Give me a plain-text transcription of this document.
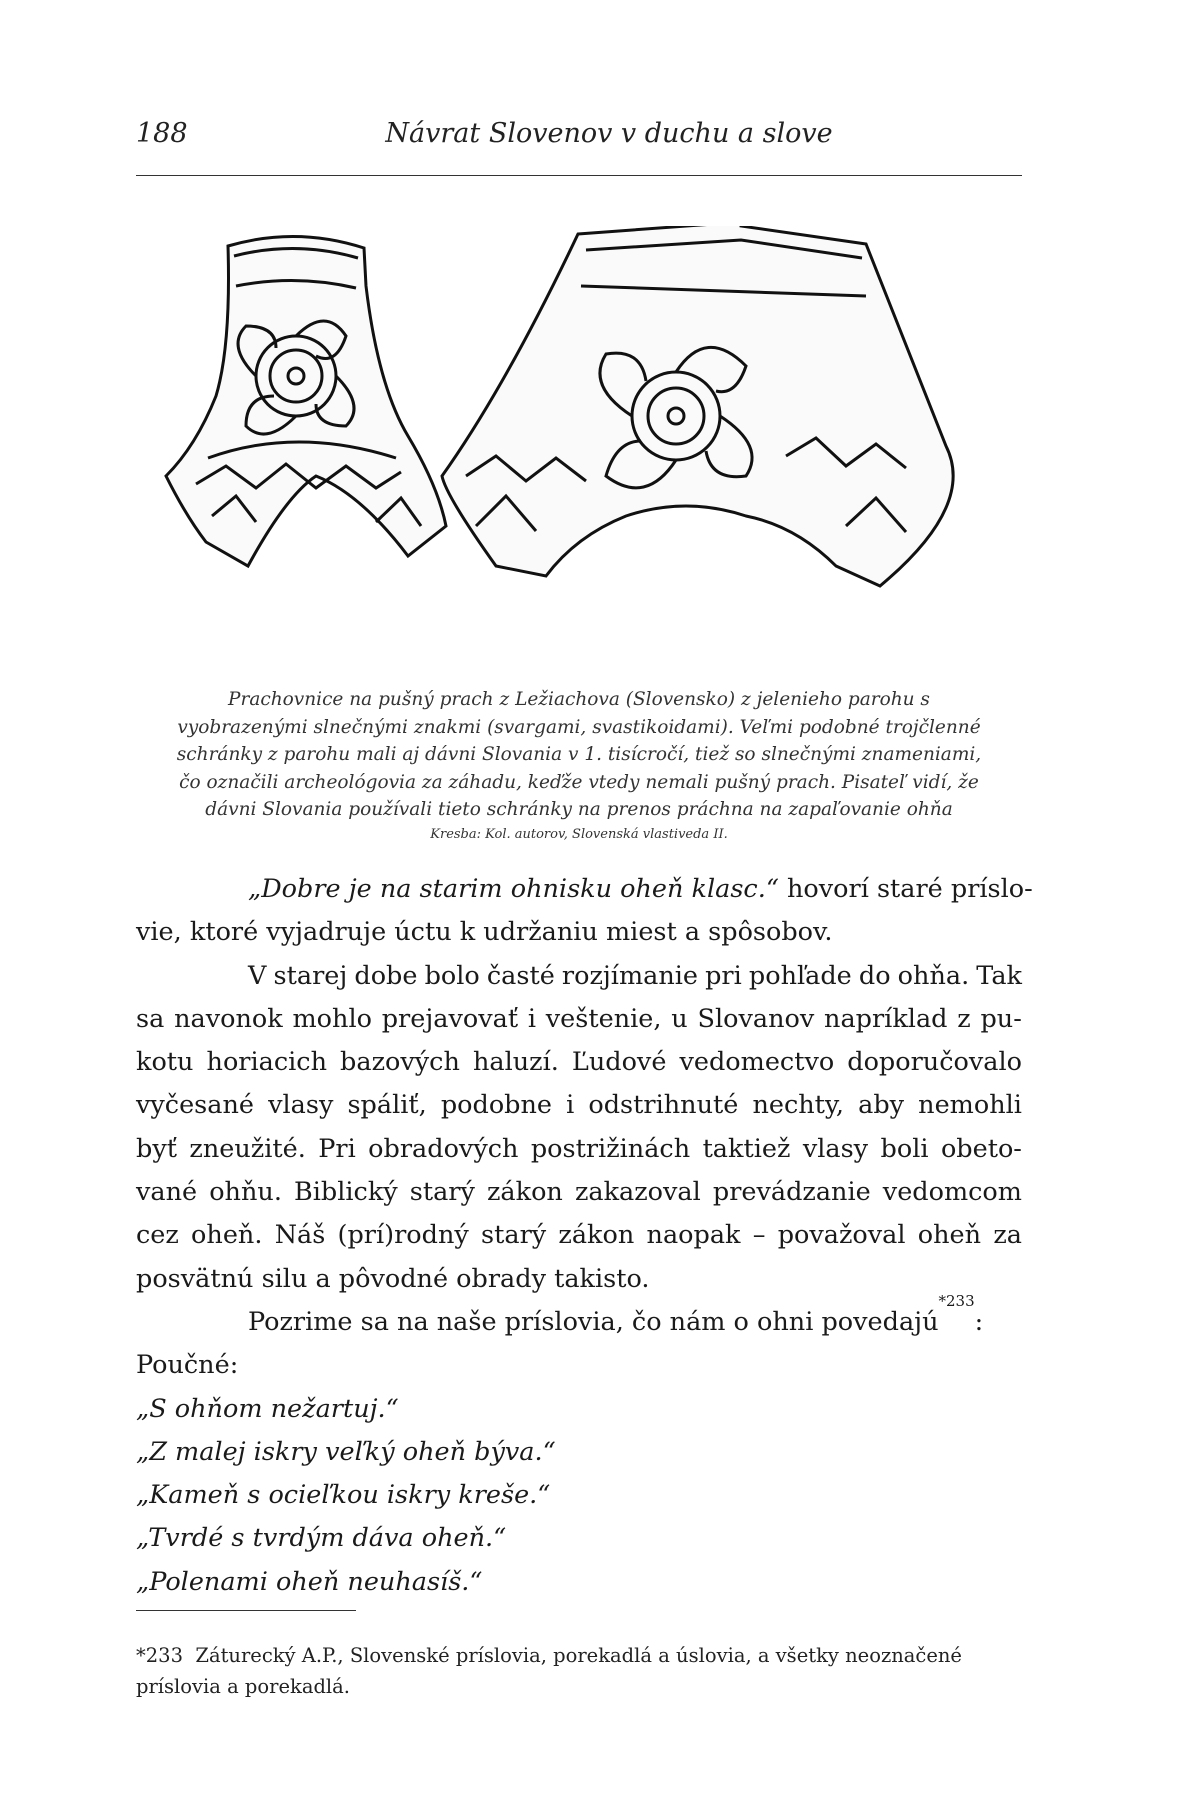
188	Návrat Slovenov v duchu a slove
Prachovnice na pušný prach z Ležiachova (Slovensko) z jelenieho parohu s
vyobrazenými slnečnými znakmi (svargami, svastikoidami). Veľmi podobné trojčlenné
schránky z parohu mali aj dávni Slovania v 1. tisícročí, tiež so slnečnými znameniami,
čo označili archeológovia za záhadu, keďže vtedy nemali pušný prach. Pisateľ vidí, že
dávni Slovania používali tieto schránky na prenos práchna na zapaľovanie ohňa
Kresba: Kol. autorov, Slovenská vlastiveda II.
„Dobre je na starim ohnisku oheň klasc.“ hovorí staré príslo-
vie, ktoré vyjadruje úctu k udržaniu miest a spôsobov.
V starej dobe bolo časté rozjímanie pri pohľade do ohňa. Tak
sa navonok mohlo prejavovať i veštenie, u Slovanov napríklad z pu-
kotu horiacich bazových haluzí. Ľudové vedomectvo doporučovalo
vyčesané vlasy spáliť, podobne i odstrihnuté nechty, aby nemohli
byť zneužité. Pri obradových postrižinách taktiež vlasy boli obeto-
vané ohňu. Biblický starý zákon zakazoval prevádzanie vedomcom
cez oheň. Náš (prí)rodný starý zákon naopak – považoval oheň za
posvätnú silu a pôvodné obrady takisto.
Pozrime sa na naše príslovia, čo nám o ohni povedajú
*233
:
Poučné:
„S ohňom nežartuj.“
„Z malej iskry veľký oheň býva.“
„Kameň s ocieľkou iskry kreše.“
„Tvrdé s tvrdým dáva oheň.“
„Polenami oheň neuhasíš.“
*233 Záturecký A.P., Slovenské príslovia, porekadlá a úslovia, a všetky neoznačené
príslovia a porekadlá.
